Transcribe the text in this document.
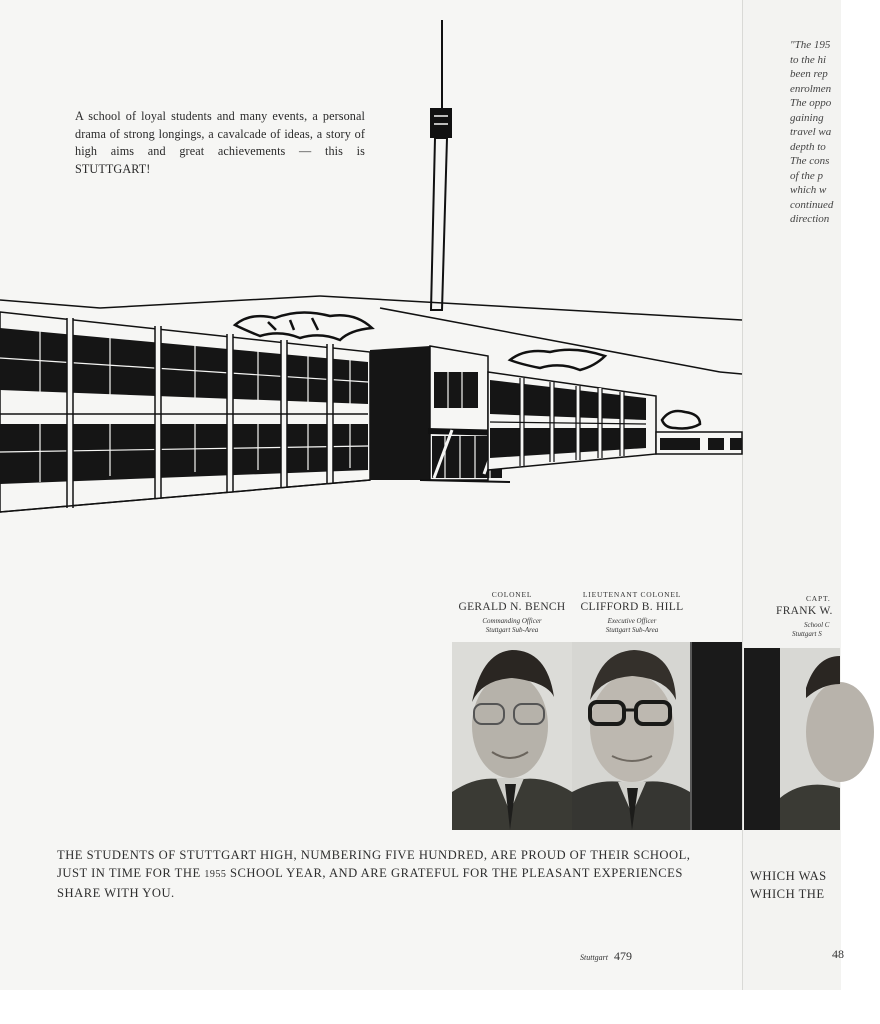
A school of loyal students and many events, a personal drama of strong longings, a cavalcade of ideas, a story of high aims and great achievements — this is STUTTGART!

COLONEL
GERALD N. BENCH
Commanding Officer
Stuttgart Sub-Area
LIEUTENANT COLONEL
CLIFFORD B. HILL
Executive Officer
Stuttgart Sub-Area
CAPT.
FRANK W.
School C
Stuttgart S
THE STUDENTS OF STUTTGART HIGH, NUMBERING FIVE HUNDRED, ARE PROUD OF THEIR SCHOOL,
JUST IN TIME FOR THE 1955 SCHOOL YEAR, AND ARE GRATEFUL FOR THE PLEASANT EXPERIENCES
SHARE WITH YOU.
"The 195
to the hi
been rep
enrolmen
The oppo
gaining
travel wa
depth to
The cons
of the p
which w
continued
direction
WHICH WAS
WHICH THE
Stuttgart 479	48
